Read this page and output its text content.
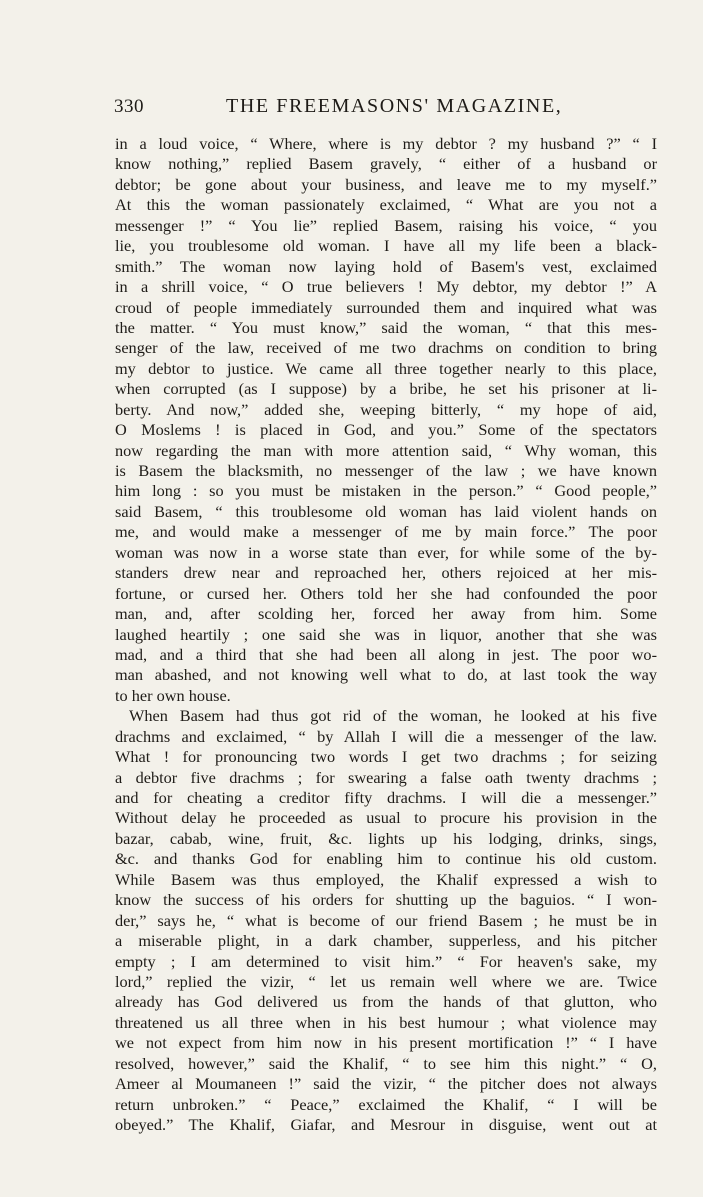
330	THE FREEMASONS' MAGAZINE,
in a loud voice, “ Where, where is my debtor ? my husband ?” “ I
know nothing,” replied Basem gravely, “ either of a husband or
debtor; be gone about your business, and leave me to my myself.”
At this the woman passionately exclaimed, “ What are you not a
messenger !” “ You lie” replied Basem, raising his voice, “ you
lie, you troublesome old woman. I have all my life been a black-
smith.” The woman now laying hold of Basem's vest, exclaimed
in a shrill voice, “ O true believers ! My debtor, my debtor !” A
croud of people immediately surrounded them and inquired what was
the matter. “ You must know,” said the woman, “ that this mes-
senger of the law, received of me two drachms on condition to bring
my debtor to justice. We came all three together nearly to this place,
when corrupted (as I suppose) by a bribe, he set his prisoner at li-
berty. And now,” added she, weeping bitterly, “ my hope of aid,
O Moslems ! is placed in God, and you.” Some of the spectators
now regarding the man with more attention said, “ Why woman, this
is Basem the blacksmith, no messenger of the law ; we have known
him long : so you must be mistaken in the person.” “ Good people,”
said Basem, “ this troublesome old woman has laid violent hands on
me, and would make a messenger of me by main force.” The poor
woman was now in a worse state than ever, for while some of the by-
standers drew near and reproached her, others rejoiced at her mis-
fortune, or cursed her. Others told her she had confounded the poor
man, and, after scolding her, forced her away from him. Some
laughed heartily ; one said she was in liquor, another that she was
mad, and a third that she had been all along in jest. The poor wo-
man abashed, and not knowing well what to do, at last took the way
to her own house.
When Basem had thus got rid of the woman, he looked at his five
drachms and exclaimed, “ by Allah I will die a messenger of the law.
What ! for pronouncing two words I get two drachms ; for seizing
a debtor five drachms ; for swearing a false oath twenty drachms ;
and for cheating a creditor fifty drachms. I will die a messenger.”
Without delay he proceeded as usual to procure his provision in the
bazar, cabab, wine, fruit, &c. lights up his lodging, drinks, sings,
&c. and thanks God for enabling him to continue his old custom.
While Basem was thus employed, the Khalif expressed a wish to
know the success of his orders for shutting up the baguios. “ I won-
der,” says he, “ what is become of our friend Basem ; he must be in
a miserable plight, in a dark chamber, supperless, and his pitcher
empty ; I am determined to visit him.” “ For heaven's sake, my
lord,” replied the vizir, “ let us remain well where we are. Twice
already has God delivered us from the hands of that glutton, who
threatened us all three when in his best humour ; what violence may
we not expect from him now in his present mortification !” “ I have
resolved, however,” said the Khalif, “ to see him this night.” “ O,
Ameer al Moumaneen !” said the vizir, “ the pitcher does not always
return unbroken.” “ Peace,” exclaimed the Khalif, “ I will be
obeyed.” The Khalif, Giafar, and Mesrour in disguise, went out at
